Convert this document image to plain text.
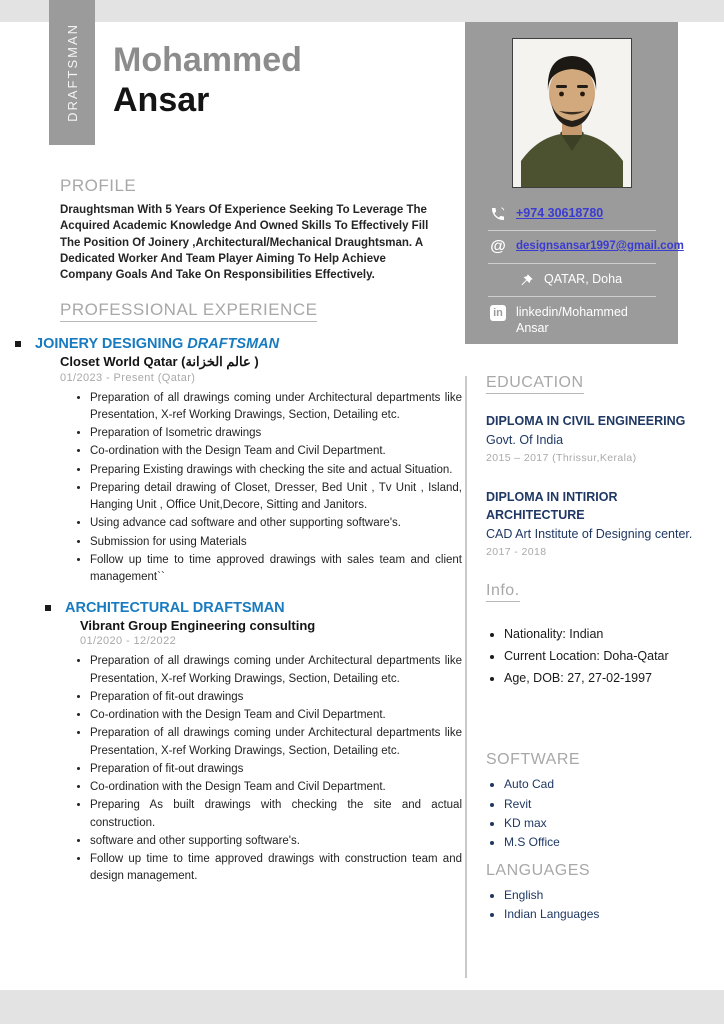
DRAFTSMAN Mohammed
Ansar
+974 30618780
@ designsansar1997@gmail.com
QATAR, Doha
in linkedin/Mohammed Ansar
PROFILE

Draughtsman With 5 Years Of Experience Seeking To Leverage The Acquired Academic Knowledge And Owned Skills To Effectively Fill The Position Of Joinery ,Architectural/Mechanical Draughtsman. A Dedicated Worker And Team Player Aiming To Help Achieve Company Goals And Take On Responsibilities Effectively.

PROFESSIONAL EXPERIENCE
JOINERY DESIGNING DRAFTSMAN
Closet World Qatar (عالم الخزانة )
01/2023 - Present (Qatar)
• Preparation of all drawings coming under Architectural departments like Presentation, X-ref Working Drawings, Section, Detailing etc.
• Preparation of Isometric drawings
• Co-ordination with the Design Team and Civil Department.
• Preparing Existing drawings with checking the site and actual Situation.
• Preparing detail drawing of Closet, Dresser, Bed Unit , Tv Unit , Island, Hanging Unit , Office Unit,Decore, Sitting and Janitors.
• Using advance cad software and other supporting software's.
• Submission for using Materials
• Follow up time to time approved drawings with sales team and client management``
ARCHITECTURAL DRAFTSMAN
Vibrant Group Engineering consulting
01/2020 - 12/2022
• Preparation of all drawings coming under Architectural departments like Presentation, X-ref Working Drawings, Section, Detailing etc.
• Preparation of fit-out drawings
• Co-ordination with the Design Team and Civil Department.
• Preparation of all drawings coming under Architectural departments like Presentation, X-ref Working Drawings, Section, Detailing etc.
• Preparation of fit-out drawings
• Co-ordination with the Design Team and Civil Department.
• Preparing As built drawings with checking the site and actual construction.
• software and other supporting software's.
• Follow up time to time approved drawings with construction team and design management.
EDUCATION

DIPLOMA IN CIVIL ENGINEERING

Govt. Of India

2015 – 2017 (Thrissur,Kerala)

DIPLOMA IN INTIRIOR ARCHITECTURE

CAD Art Institute of Designing center.

2017 - 2018

Info.
• Nationality: Indian
• Current Location: Doha-Qatar
• Age, DOB: 27, 27-02-1997
SOFTWARE
• Auto Cad
• Revit
• KD max
• M.S Office
LANGUAGES
• English
• Indian Languages
